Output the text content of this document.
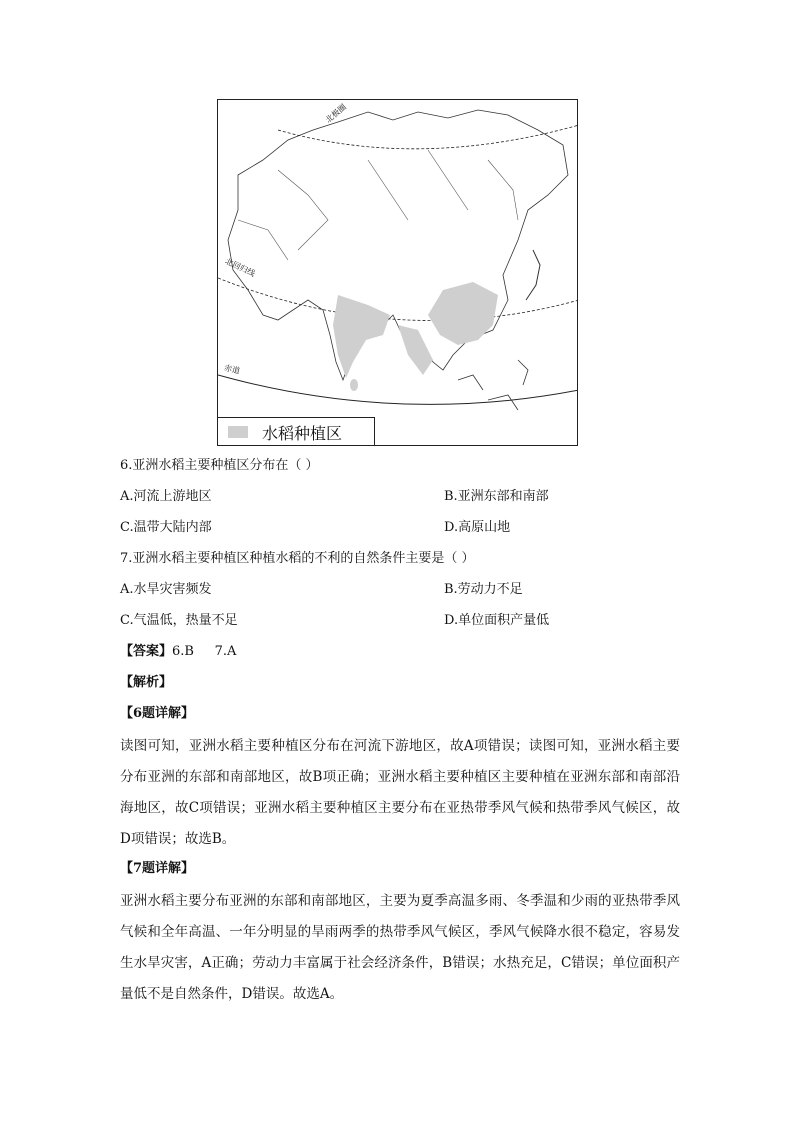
北极圈
北回归线
赤道
水稻种植区
6.亚洲水稻主要种植区分布在（ ）
A.河流上游地区	B.亚洲东部和南部
C.温带大陆内部	D.高原山地
7.亚洲水稻主要种植区种植水稻的不利的自然条件主要是（ ）
A.水旱灾害频发	B.劳动力不足
C.气温低，热量不足	D.单位面积产量低
【答案】6.B     7.A
【解析】
【6题详解】
读图可知，亚洲水稻主要种植区分布在河流下游地区，故A项错误；读图可知，亚洲水稻主要分布亚洲的东部和南部地区，故B项正确；亚洲水稻主要种植区主要种植在亚洲东部和南部沿海地区，故C项错误；亚洲水稻主要种植区主要分布在亚热带季风气候和热带季风气候区，故D项错误；故选B。
【7题详解】
亚洲水稻主要分布亚洲的东部和南部地区，主要为夏季高温多雨、冬季温和少雨的亚热带季风气候和全年高温、一年分明显的旱雨两季的热带季风气候区，季风气候降水很不稳定，容易发生水旱灾害，A正确；劳动力丰富属于社会经济条件，B错误；水热充足，C错误；单位面积产量低不是自然条件，D错误。故选A。
